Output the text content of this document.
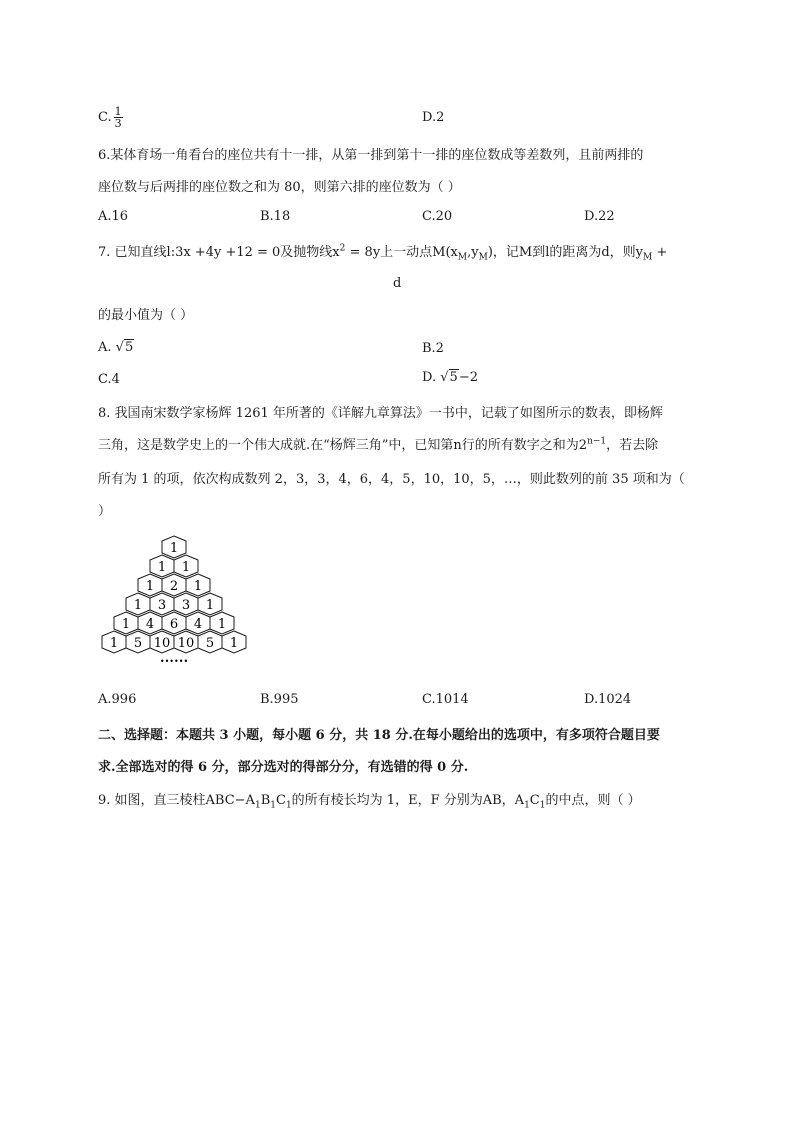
C. $\frac{1}{3}$	D.2
6.某体育场一角看台的座位共有十一排，从第一排到第十一排的座位数成等差数列，且前两排的
座位数与后两排的座位数之和为 80，则第六排的座位数为（ ）
A.16	B.18	C.20	D.22
7. 已知直线l:3x +4y +12 = 0及抛物线$x^2 = 8y$上一动点$M(x_M,y_M)$，记M到l的距离为d，则$y_M$ +
d
的最小值为（ ）
A. √5	B.2
C.4	D. √5−2
8. 我国南宋数学家杨辉 1261 年所著的《详解九章算法》一书中，记载了如图所示的数表，即杨辉
三角，这是数学史上的一个伟大成就.在“杨辉三角”中，已知第n行的所有数字之和为$2^{n-1}$，若去除
所有为 1 的项，依次构成数列 2，3，3，4，6，4，5，10，10，5，…，则此数列的前 35 项和为（
）
1
1 1
1 2 1
1 3 3 1
1 4 6 4 1
1 5 10 10 5 1
••••••
A.996	B.995	C.1014	D.1024
二、选择题：本题共 3 小题，每小题 6 分，共 18 分.在每小题给出的选项中，有多项符合题目要
求.全部选对的得 6 分，部分选对的得部分分，有选错的得 0 分.
9. 如图，直三棱柱$ABC-A_1B_1C_1$的所有棱长均为 1，E，F 分别为AB，$A_1C_1$的中点，则（ ）
